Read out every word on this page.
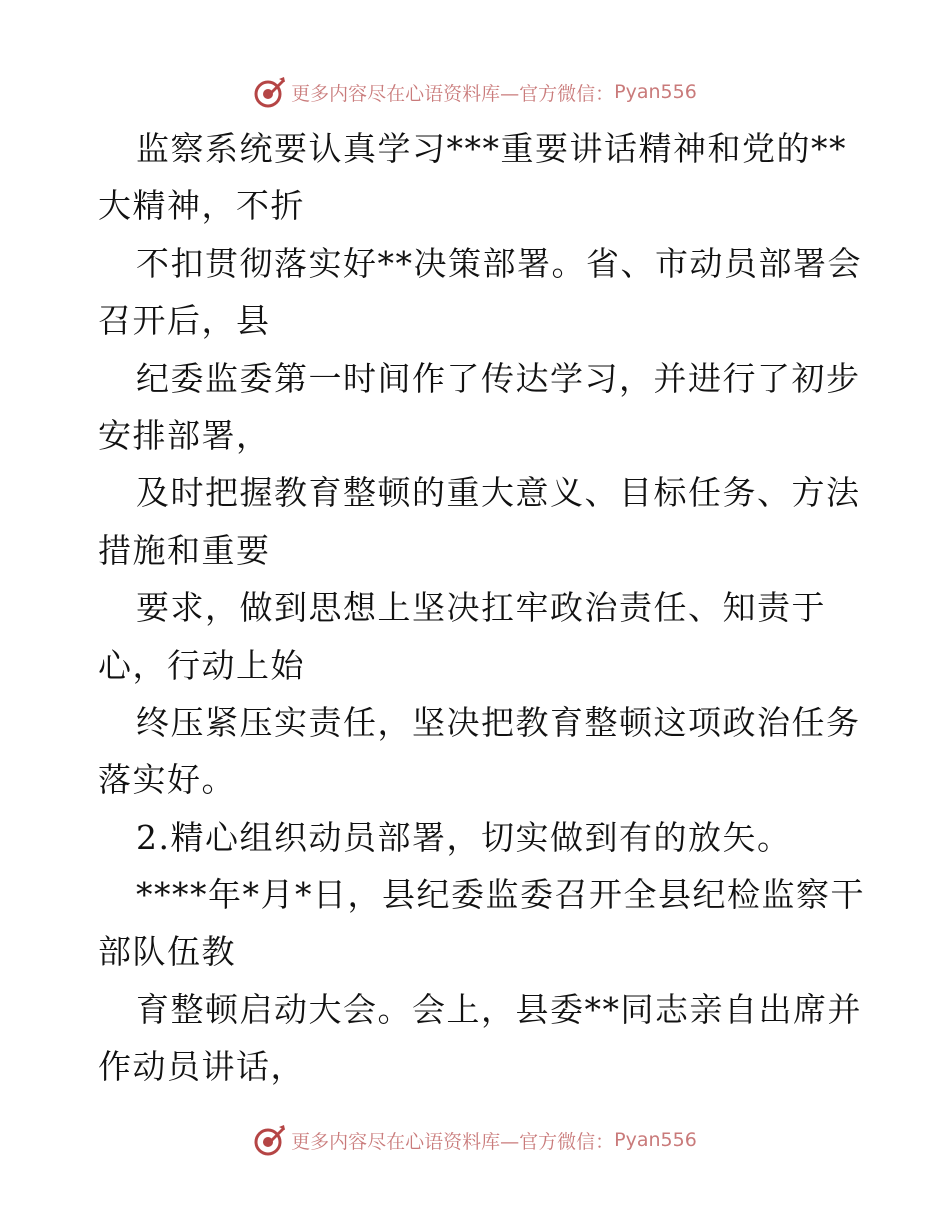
更多内容尽在心语资料库—官方微信： Pyan556
监察系统要认真学习***重要讲话精神和党的**
大精神，不折
不扣贯彻落实好**决策部署。省、市动员部署会
召开后，县
纪委监委第一时间作了传达学习，并进行了初步
安排部署，
及时把握教育整顿的重大意义、目标任务、方法
措施和重要
要求，做到思想上坚决扛牢政治责任、知责于
心，行动上始
终压紧压实责任，坚决把教育整顿这项政治任务
落实好。
2.精心组织动员部署，切实做到有的放矢。
****年*月*日，县纪委监委召开全县纪检监察干
部队伍教
育整顿启动大会。会上，县委**同志亲自出席并
作动员讲话，
更多内容尽在心语资料库—官方微信： Pyan556
